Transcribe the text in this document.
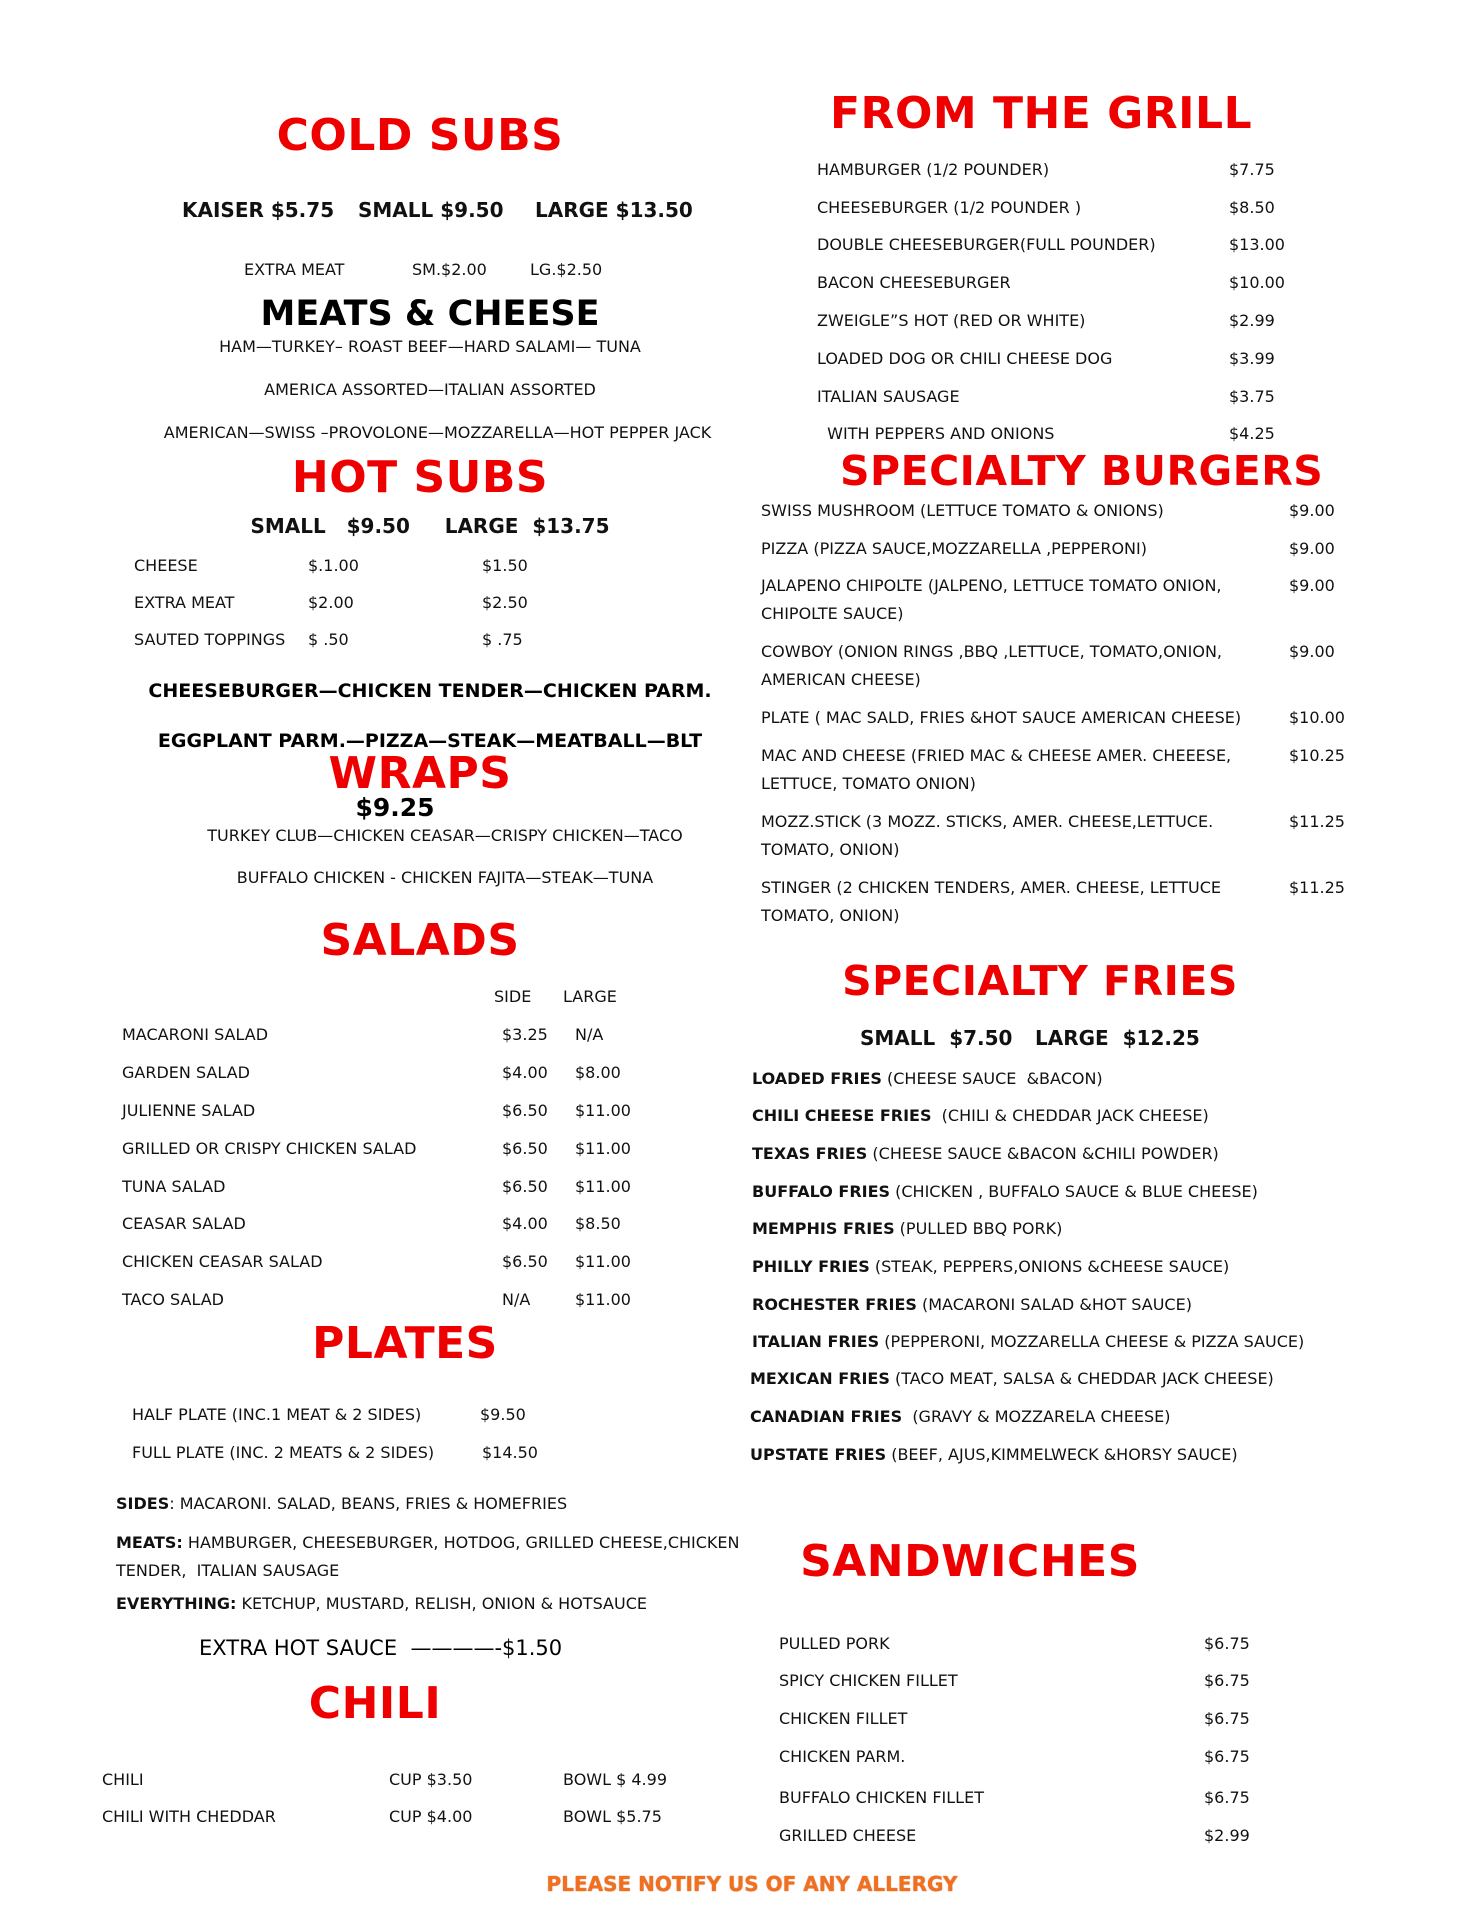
COLD SUBS
KAISER $5.75 SMALL $9.50 LARGE $13.50
EXTRA MEAT	SM.$2.00	LG.$2.50
MEATS & CHEESE
HAM—TURKEY– ROAST BEEF—HARD SALAMI— TUNA
AMERICA ASSORTED—ITALIAN ASSORTED
AMERICAN—SWISS –PROVOLONE—MOZZARELLA—HOT PEPPER JACK
HOT SUBS
SMALL   $9.50     LARGE  $13.75
CHEESE	$.1.00	$1.50
EXTRA MEAT	$2.00	$2.50
SAUTED TOPPINGS $ .50	$ .75
CHEESEBURGER—CHICKEN TENDER—CHICKEN PARM.
EGGPLANT PARM.—PIZZA—STEAK—MEATBALL—BLT
WRAPS
$9.25
TURKEY CLUB—CHICKEN CEASAR—CRISPY CHICKEN—TACO
BUFFALO CHICKEN - CHICKEN FAJITA—STEAK—TUNA
SALADS
SIDE LARGE
MACARONI SALAD	$3.25 N/A
GARDEN SALAD	$4.00 $8.00
JULIENNE SALAD	$6.50 $11.00
GRILLED OR CRISPY CHICKEN SALAD	$6.50 $11.00
TUNA SALAD	$6.50 $11.00
CEASAR SALAD	$4.00 $8.50
CHICKEN CEASAR SALAD	$6.50 $11.00
TACO SALAD	N/A	$11.00
PLATES
HALF PLATE (INC.1 MEAT & 2 SIDES)	$9.50
FULL PLATE (INC. 2 MEATS & 2 SIDES)	$14.50
SIDES: MACARONI. SALAD, BEANS, FRIES & HOMEFRIES
MEATS: HAMBURGER, CHEESEBURGER, HOTDOG, GRILLED CHEESE,CHICKEN
TENDER,  ITALIAN SAUSAGE
EVERYTHING: KETCHUP, MUSTARD, RELISH, ONION & HOTSAUCE
EXTRA HOT SAUCE  ————-$1.50
CHILI
CHILI	CUP $3.50	BOWL $ 4.99
CHILI WITH CHEDDAR	CUP $4.00	BOWL $5.75
FROM THE GRILL
HAMBURGER (1/2 POUNDER)	$7.75
CHEESEBURGER (1/2 POUNDER )	$8.50
DOUBLE CHEESEBURGER(FULL POUNDER)	$13.00
BACON CHEESEBURGER	$10.00
ZWEIGLE”S HOT (RED OR WHITE)	$2.99
LOADED DOG OR CHILI CHEESE DOG	$3.99
ITALIAN SAUSAGE	$3.75
WITH PEPPERS AND ONIONS	$4.25
SPECIALTY BURGERS
SWISS MUSHROOM (LETTUCE TOMATO & ONIONS)	$9.00
PIZZA (PIZZA SAUCE,MOZZARELLA ,PEPPERONI)	$9.00
JALAPENO CHIPOLTE (JALPENO, LETTUCE TOMATO ONION,
CHIPOLTE SAUCE)
$9.00
COWBOY (ONION RINGS ,BBQ ,LETTUCE, TOMATO,ONION,
AMERICAN CHEESE)
$9.00
PLATE ( MAC SALD, FRIES &HOT SAUCE AMERICAN CHEESE)	$10.00
MAC AND CHEESE (FRIED MAC & CHEESE AMER. CHEEESE,
LETTUCE, TOMATO ONION)
$10.25
MOZZ.STICK (3 MOZZ. STICKS, AMER. CHEESE,LETTUCE.
TOMATO, ONION)
$11.25
STINGER (2 CHICKEN TENDERS, AMER. CHEESE, LETTUCE
TOMATO, ONION)
$11.25
SPECIALTY FRIES
SMALL  $7.50 LARGE  $12.25
LOADED FRIES (CHEESE SAUCE  &BACON)
CHILI CHEESE FRIES  (CHILI & CHEDDAR JACK CHEESE)
TEXAS FRIES (CHEESE SAUCE &BACON &CHILI POWDER)
BUFFALO FRIES (CHICKEN , BUFFALO SAUCE & BLUE CHEESE)
MEMPHIS FRIES (PULLED BBQ PORK)
PHILLY FRIES (STEAK, PEPPERS,ONIONS &CHEESE SAUCE)
ROCHESTER FRIES (MACARONI SALAD &HOT SAUCE)
ITALIAN FRIES (PEPPERONI, MOZZARELLA CHEESE & PIZZA SAUCE)
MEXICAN FRIES (TACO MEAT, SALSA & CHEDDAR JACK CHEESE)
CANADIAN FRIES  (GRAVY & MOZZARELA CHEESE)
UPSTATE FRIES (BEEF, AJUS,KIMMELWECK &HORSY SAUCE)
SANDWICHES
PULLED PORK	$6.75
SPICY CHICKEN FILLET	$6.75
CHICKEN FILLET	$6.75
CHICKEN PARM.	$6.75
BUFFALO CHICKEN FILLET	$6.75
GRILLED CHEESE	$2.99
PLEASE NOTIFY US OF ANY ALLERGY
